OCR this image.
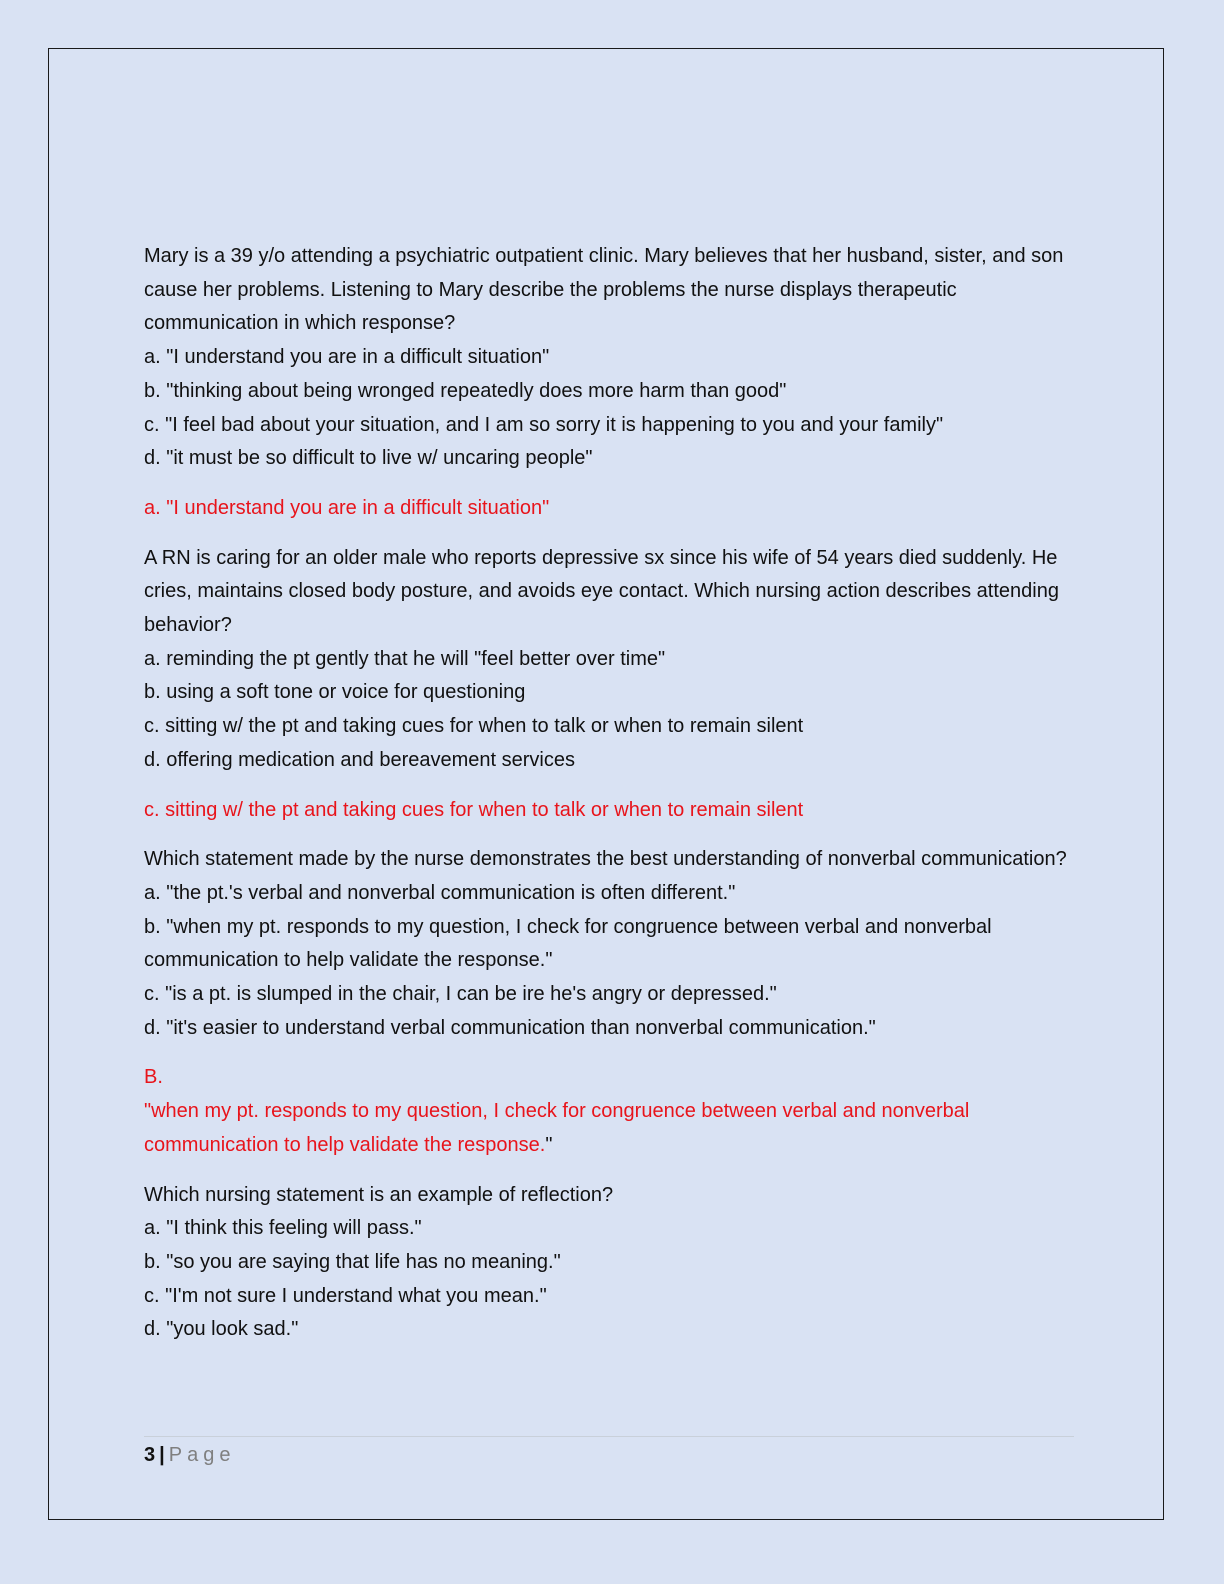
Mary is a 39 y/o attending a psychiatric outpatient clinic. Mary believes that her husband, sister, and son cause her problems. Listening to Mary describe the problems the nurse displays therapeutic communication in which response?

a. "I understand you are in a difficult situation"

b. "thinking about being wronged repeatedly does more harm than good"

c. "I feel bad about your situation, and I am so sorry it is happening to you and your family"

d. "it must be so difficult to live w/ uncaring people"

a. "I understand you are in a difficult situation"

A RN is caring for an older male who reports depressive sx since his wife of 54 years died suddenly. He cries, maintains closed body posture, and avoids eye contact. Which nursing action describes attending behavior?

a. reminding the pt gently that he will "feel better over time"

b. using a soft tone or voice for questioning

c. sitting w/ the pt and taking cues for when to talk or when to remain silent

d. offering medication and bereavement services

c. sitting w/ the pt and taking cues for when to talk or when to remain silent

Which statement made by the nurse demonstrates the best understanding of nonverbal communication?

a. "the pt.'s verbal and nonverbal communication is often different."

b. "when my pt. responds to my question, I check for congruence between verbal and nonverbal communication to help validate the response."

c. "is a pt. is slumped in the chair, I can be ire he's angry or depressed."

d. "it's easier to understand verbal communication than nonverbal communication."

B.

"when my pt. responds to my question, I check for congruence between verbal and nonverbal communication to help validate the response."

Which nursing statement is an example of reflection?

a. "I think this feeling will pass."

b. "so you are saying that life has no meaning."

c. "I'm not sure I understand what you mean."

d. "you look sad."

3 | Page
